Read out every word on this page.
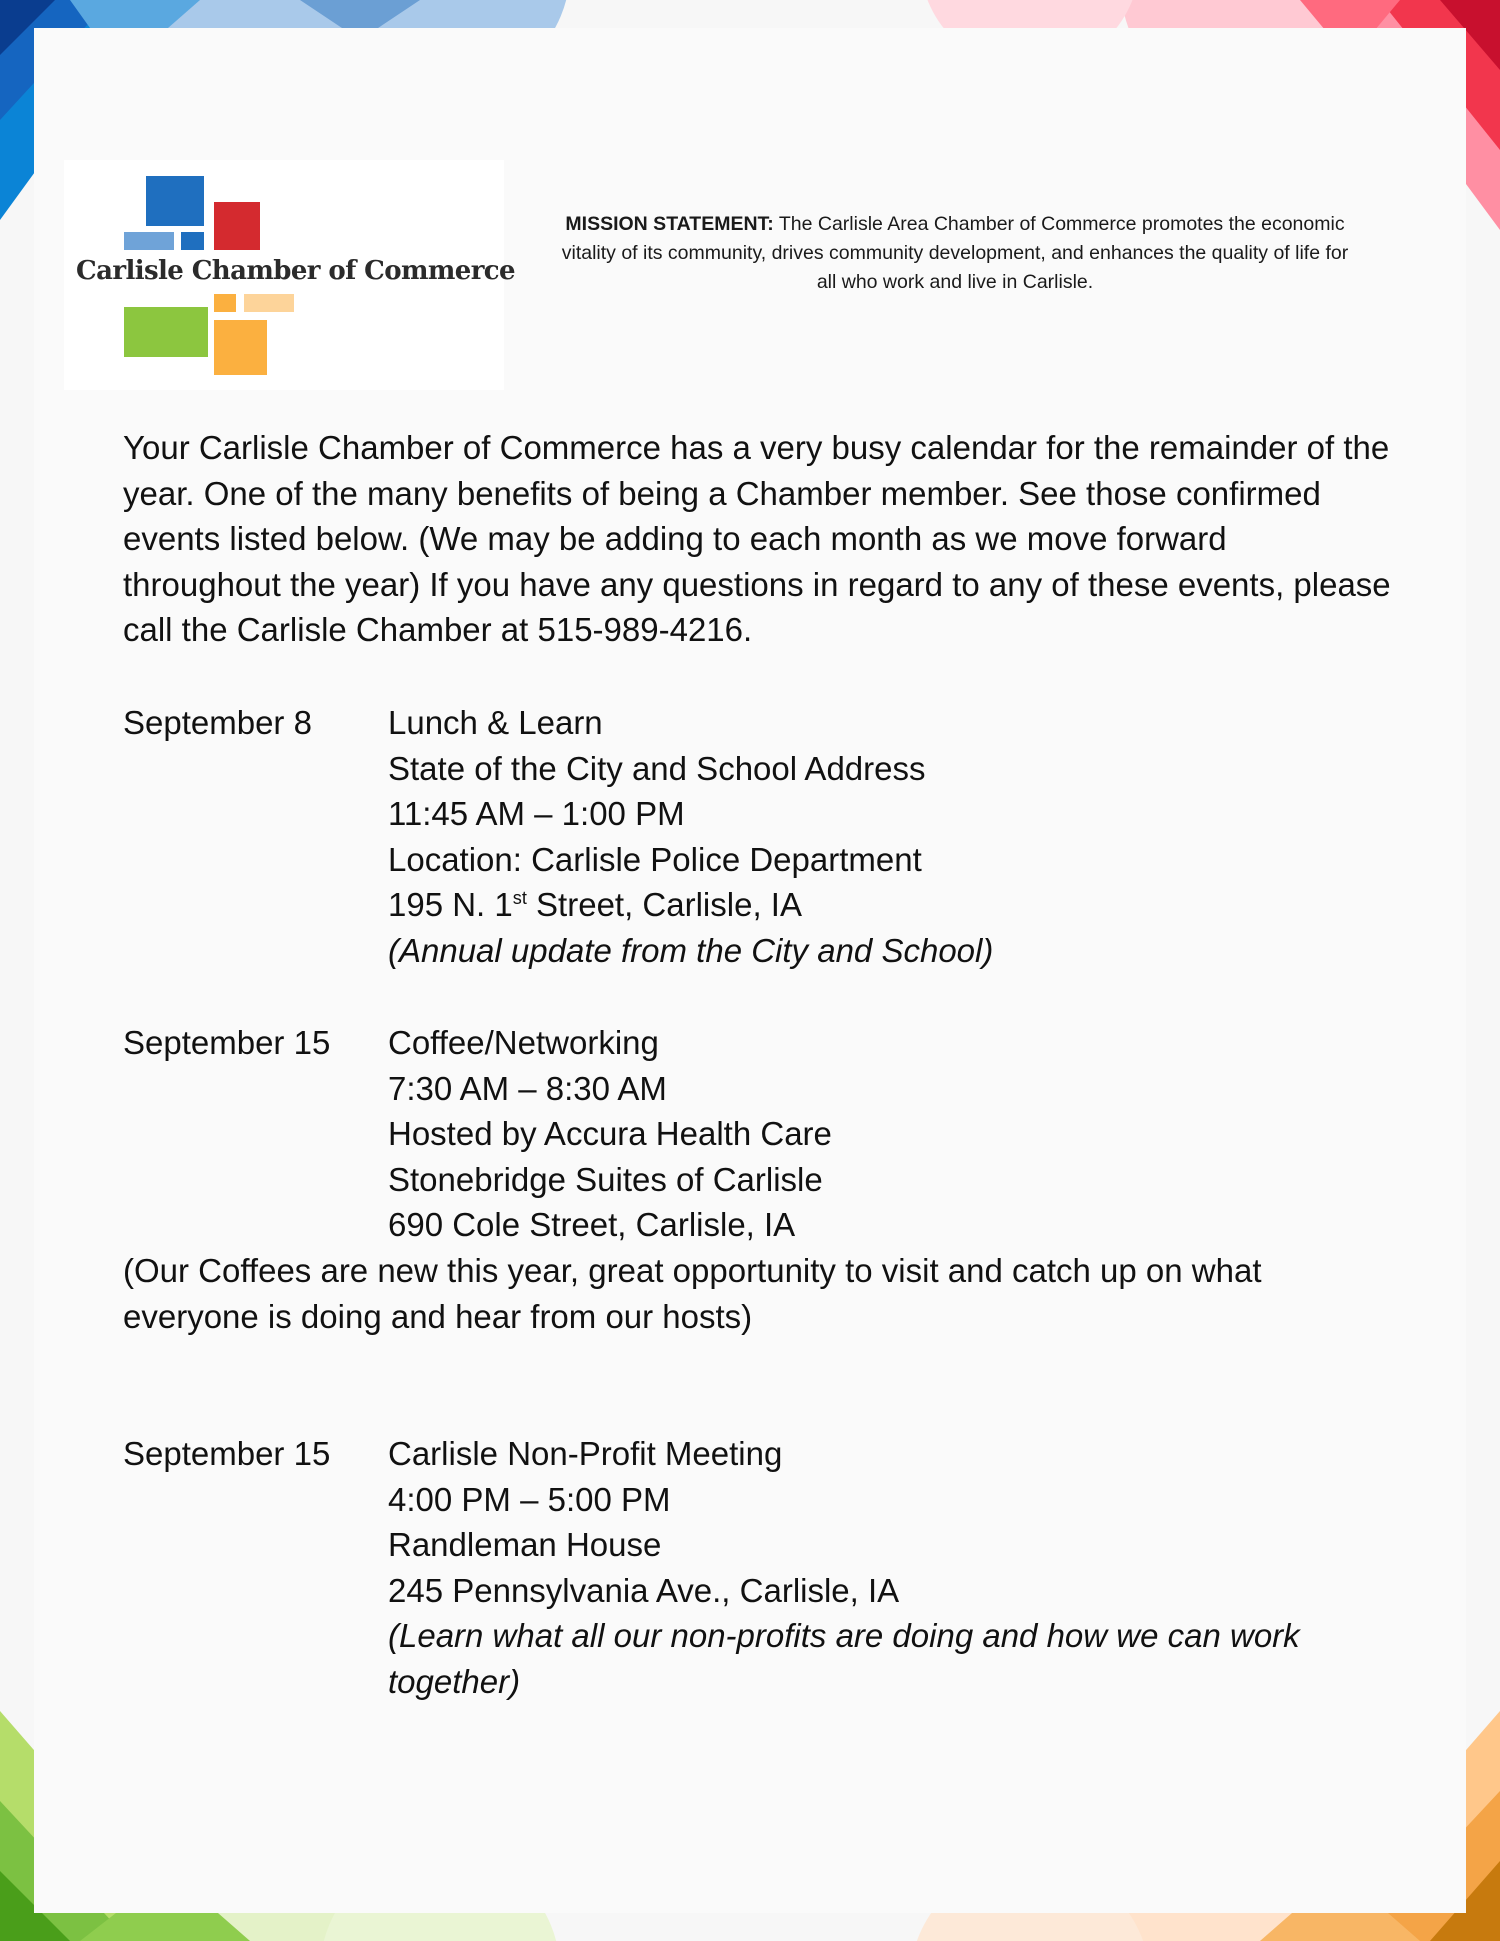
Carlisle Chamber of Commerce
MISSION STATEMENT: The Carlisle Area Chamber of Commerce promotes the economic vitality of its community, drives community development, and enhances the quality of life for all who work and live in Carlisle.
Your Carlisle Chamber of Commerce has a very busy calendar for the remainder of the year. One of the many benefits of being a Chamber member. See those confirmed events listed below. (We may be adding to each month as we move forward throughout the year) If you have any questions in regard to any of these events, please call the Carlisle Chamber at 515-989-4216.
September 8 Lunch & Learn
State of the City and School Address
11:45 AM – 1:00 PM
Location: Carlisle Police Department
195 N. 1st Street, Carlisle, IA
(Annual update from the City and School)
September 15 Coffee/Networking
7:30 AM – 8:30 AM
Hosted by Accura Health Care
Stonebridge Suites of Carlisle
690 Cole Street, Carlisle, IA
(Our Coffees are new this year, great opportunity to visit and catch up on what everyone is doing and hear from our hosts)
September 15 Carlisle Non-Profit Meeting
4:00 PM – 5:00 PM
Randleman House
245 Pennsylvania Ave., Carlisle, IA
(Learn what all our non-profits are doing and how we can work together)
